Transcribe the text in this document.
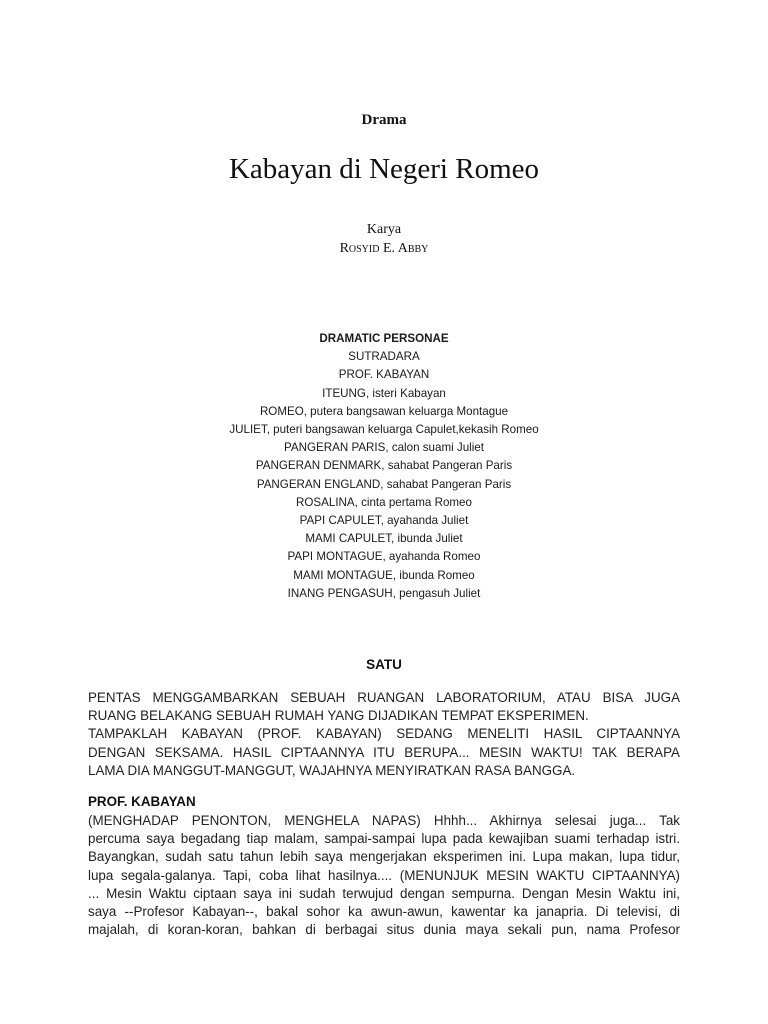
Drama
Kabayan di Negeri Romeo
Karya
Rosyid E. Abby
DRAMATIC PERSONAE
SUTRADARA
PROF. KABAYAN
ITEUNG, isteri Kabayan
ROMEO, putera bangsawan keluarga Montague
JULIET, puteri bangsawan keluarga Capulet,kekasih Romeo
PANGERAN PARIS, calon suami Juliet
PANGERAN DENMARK, sahabat Pangeran Paris
PANGERAN ENGLAND, sahabat Pangeran Paris
ROSALINA, cinta pertama Romeo
PAPI CAPULET, ayahanda Juliet
MAMI CAPULET, ibunda Juliet
PAPI MONTAGUE, ayahanda Romeo
MAMI MONTAGUE, ibunda Romeo
INANG PENGASUH, pengasuh Juliet
SATU
PENTAS MENGGAMBARKAN SEBUAH RUANGAN LABORATORIUM, ATAU BISA JUGA
RUANG BELAKANG SEBUAH RUMAH YANG DIJADIKAN TEMPAT EKSPERIMEN.
TAMPAKLAH KABAYAN (PROF. KABAYAN) SEDANG MENELITI HASIL CIPTAANNYA
DENGAN SEKSAMA. HASIL CIPTAANNYA ITU BERUPA... MESIN WAKTU! TAK BERAPA
LAMA DIA MANGGUT-MANGGUT, WAJAHNYA MENYIRATKAN RASA BANGGA.
PROF. KABAYAN
(MENGHADAP PENONTON, MENGHELA NAPAS) Hhhh... Akhirnya selesai juga... Tak
percuma saya begadang tiap malam, sampai-sampai lupa pada kewajiban suami terhadap istri.
Bayangkan, sudah satu tahun lebih saya mengerjakan eksperimen ini. Lupa makan, lupa tidur,
lupa segala-galanya. Tapi, coba lihat hasilnya.... (MENUNJUK MESIN WAKTU CIPTAANNYA)
... Mesin Waktu ciptaan saya ini sudah terwujud dengan sempurna. Dengan Mesin Waktu ini,
saya --Profesor Kabayan--, bakal sohor ka awun-awun, kawentar ka janapria. Di televisi, di
majalah, di koran-koran, bahkan di berbagai situs dunia maya sekali pun, nama Profesor
